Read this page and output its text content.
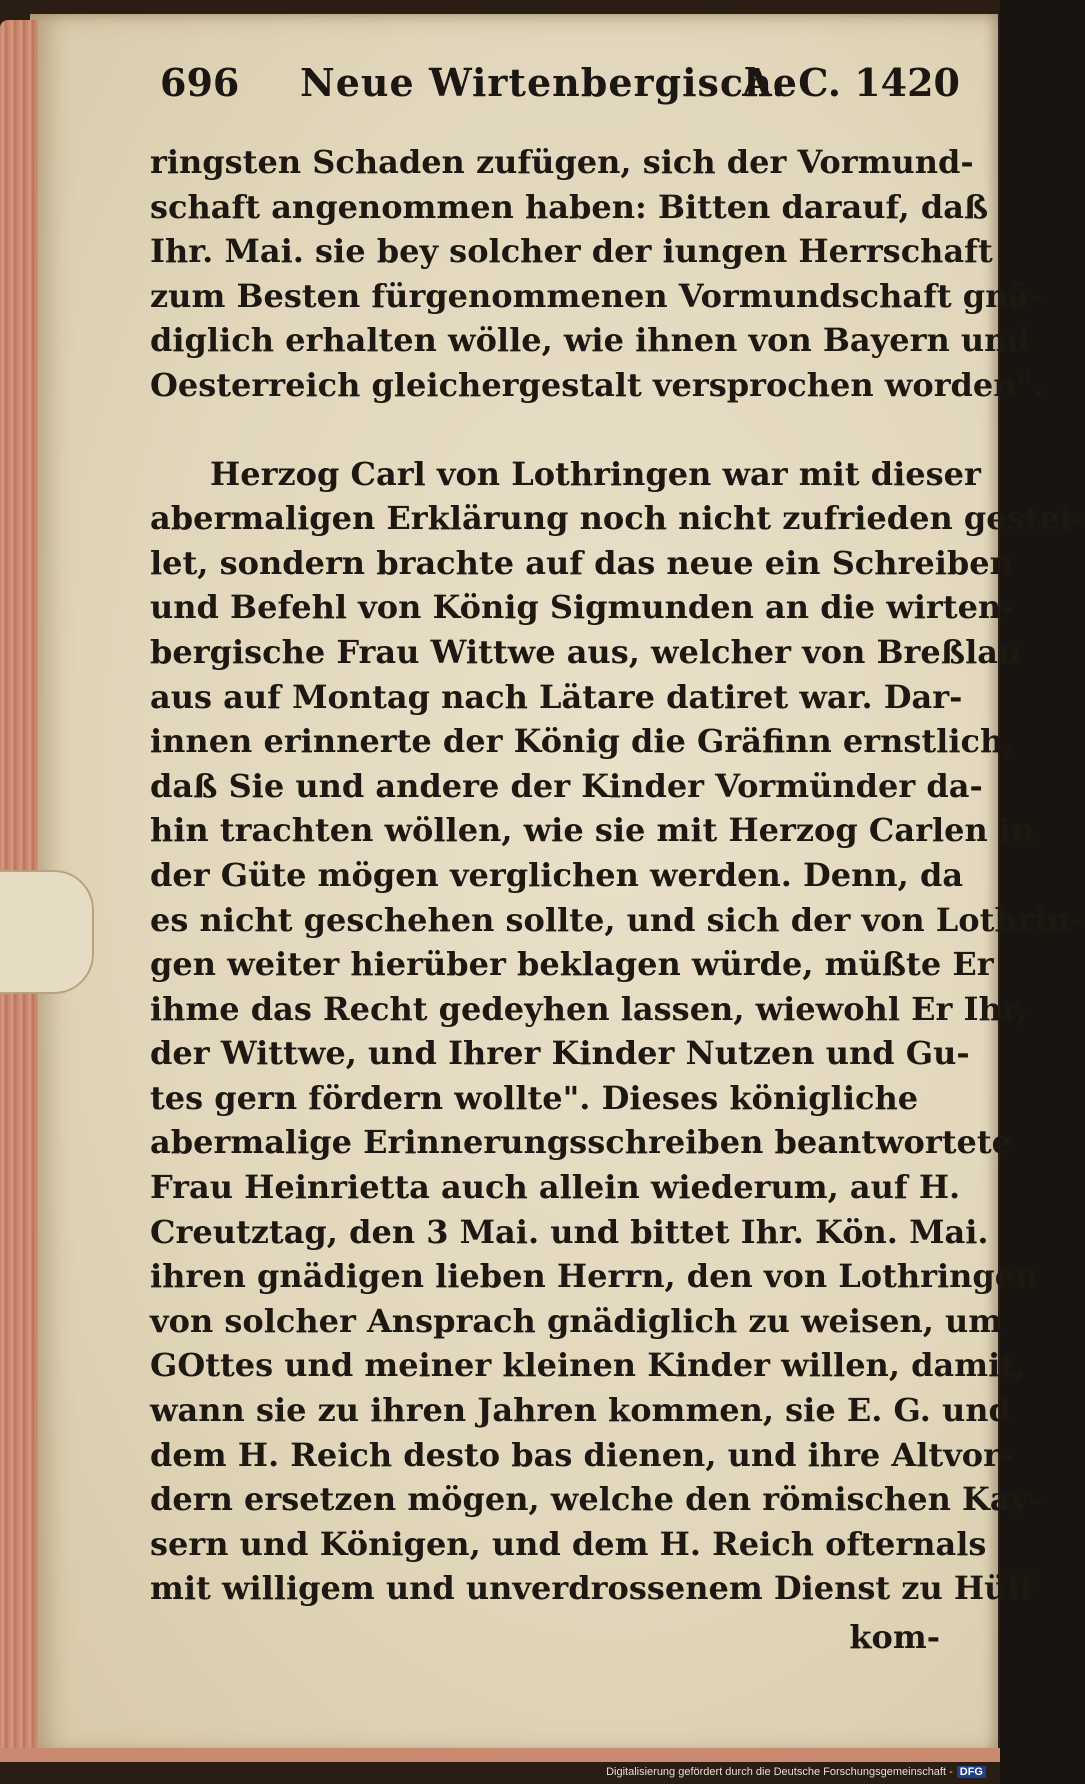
696 Neue Wirtenbergische
A. C. 1420
ringsten Schaden zufügen, sich der Vormund-
schaft angenommen haben: Bitten darauf, daß
Ihr. Mai. sie bey solcher der iungen Herrschaft
zum Besten fürgenommenen Vormundschaft gnä-
diglich erhalten wölle, wie ihnen von Bayern und
Oesterreich gleichergestalt versprochen worden".
Herzog Carl von Lothringen war mit dieser
abermaligen Erklärung noch nicht zufrieden gestel-
let, sondern brachte auf das neue ein Schreiben
und Befehl von König Sigmunden an die wirten-
bergische Frau Wittwe aus, welcher von Breßlau
aus auf Montag nach Lätare datiret war. Dar-
innen erinnerte der König die Gräfinn ernstlich,
daß Sie und andere der Kinder Vormünder da-
hin trachten wöllen, wie sie mit Herzog Carlen in
der Güte mögen verglichen werden. Denn, da
es nicht geschehen sollte, und sich der von Lothrin-
gen weiter hierüber beklagen würde, müßte Er
ihme das Recht gedeyhen lassen, wiewohl Er Ihr,
der Wittwe, und Ihrer Kinder Nutzen und Gu-
tes gern fördern wollte". Dieses königliche
abermalige Erinnerungsschreiben beantwortete
Frau Heinrietta auch allein wiederum, auf H.
Creutztag, den 3 Mai. und bittet Ihr. Kön. Mai.
ihren gnädigen lieben Herrn, den von Lothringen
von solcher Ansprach gnädiglich zu weisen, um
GOttes und meiner kleinen Kinder willen, damit,
wann sie zu ihren Jahren kommen, sie E. G. und
dem H. Reich desto bas dienen, und ihre Altvor-
dern ersetzen mögen, welche den römischen Kay-
sern und Königen, und dem H. Reich ofternals
mit willigem und unverdrossenem Dienst zu Hülf
kom-
Digitalisierung gefördert durch die Deutsche Forschungsgemeinschaft - DFG
